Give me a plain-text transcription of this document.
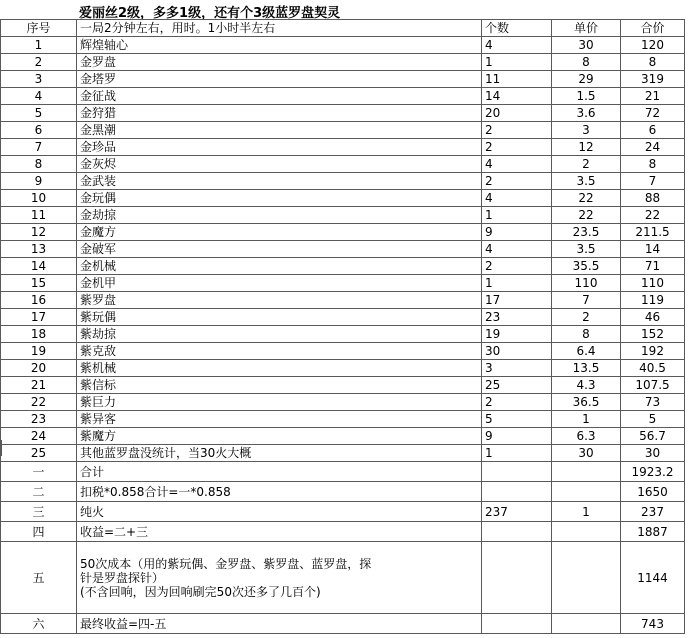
爱丽丝2级，多多1级，还有个3级蓝罗盘契灵
序号	一局2分钟左右，用时。1小时半左右	个数	单价	合价
1	辉煌轴心	4	30	120
2	金罗盘	1	8	8
3	金塔罗	11	29	319
4	金征战	14	1.5	21
5	金狩猎	20	3.6	72
6	金黑潮	2	3	6
7	金珍品	2	12	24
8	金灰烬	4	2	8
9	金武装	2	3.5	7
10	金玩偶	4	22	88
11	金劫掠	1	22	22
12	金魔方	9	23.5	211.5
13	金破军	4	3.5	14
14	金机械	2	35.5	71
15	金机甲	1	110	110
16	紫罗盘	17	7	119
17	紫玩偶	23	2	46
18	紫劫掠	19	8	152
19	紫克敌	30	6.4	192
20	紫机械	3	13.5	40.5
21	紫信标	25	4.3	107.5
22	紫巨力	2	36.5	73
23	紫异客	5	1	5
24	紫魔方	9	6.3	56.7
25	其他蓝罗盘没统计，当30火大概	1	30	30
一	合计			1923.2
二	扣税*0.858合计=一*0.858			1650
三	纯火	237	1	237
四	收益=二+三			1887
五	50次成本（用的紫玩偶、金罗盘、紫罗盘、蓝罗盘，探
针是罗盘探针）
(不含回响，因为回响刷完50次还多了几百个)			1144
六	最终收益=四-五			743
